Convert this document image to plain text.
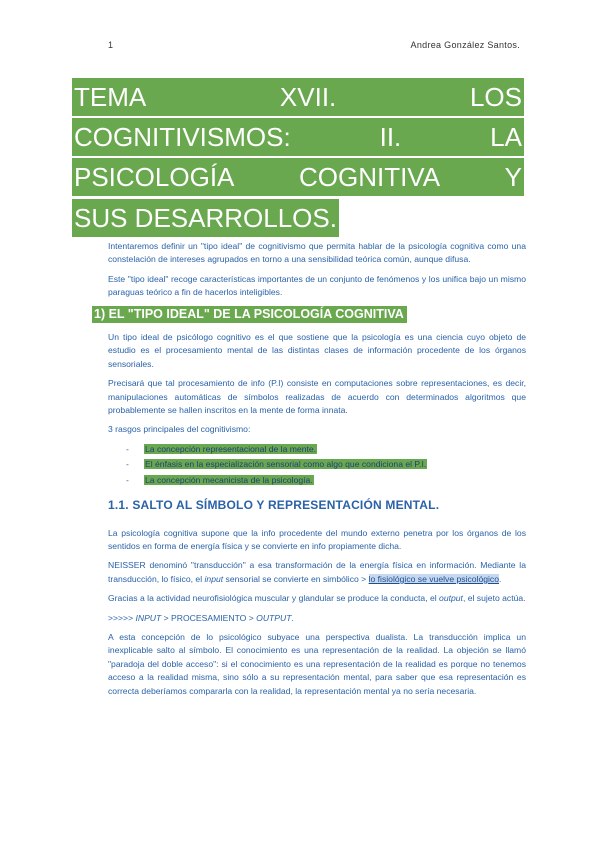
1	Andrea González Santos.
TEMA	XVII.	LOS
COGNITIVISMOS:	II.	LA
PSICOLOGÍA COGNITIVA Y
SUS DESARROLLOS.

Intentaremos definir un "tipo ideal" de cognitivismo que permita hablar de la psicología cognitiva como una constelación de intereses agrupados en torno a una sensibilidad teórica común, aunque difusa.

Este "tipo ideal" recoge características importantes de un conjunto de fenómenos y los unifica bajo un mismo paraguas teórico a fin de hacerlos inteligibles.

1) EL "TIPO IDEAL" DE LA PSICOLOGÍA COGNITIVA

Un tipo ideal de psicólogo cognitivo es el que sostiene que la psicología es una ciencia cuyo objeto de estudio es el procesamiento mental de las distintas clases de información procedente de los órganos sensoriales.

Precisará que tal procesamiento de info (P.I) consiste en computaciones sobre representaciones, es decir, manipulaciones automáticas de símbolos realizadas de acuerdo con determinados algoritmos que probablemente se hallen inscritos en la mente de forma innata.

3 rasgos principales del cognitivismo:

- La concepción representacional de la mente.
- El énfasis en la especialización sensorial como algo que condiciona el P.I.
- La concepción mecanicista de la psicología.
1.1. SALTO AL SÍMBOLO Y REPRESENTACIÓN MENTAL.

La psicología cognitiva supone que la info procedente del mundo externo penetra por los órganos de los sentidos en forma de energía física y se convierte en info propiamente dicha.

NEISSER denominó "transducción" a esa transformación de la energía física en información. Mediante la transducción, lo físico, el input sensorial se convierte en simbólico > lo fisiológico se vuelve psicológico.

Gracias a la actividad neurofisiológica muscular y glandular se produce la conducta, el output, el sujeto actúa.

>>>>> INPUT > PROCESAMIENTO > OUTPUT.

A esta concepción de lo psicológico subyace una perspectiva dualista. La transducción implica un inexplicable salto al símbolo. El conocimiento es una representación de la realidad. La objeción se llamó "paradoja del doble acceso": si el conocimiento es una representación de la realidad es porque no tenemos acceso a la realidad misma, sino sólo a su representación mental, para saber que esa representación es correcta deberíamos compararla con la realidad, la representación mental ya no sería necesaria.
